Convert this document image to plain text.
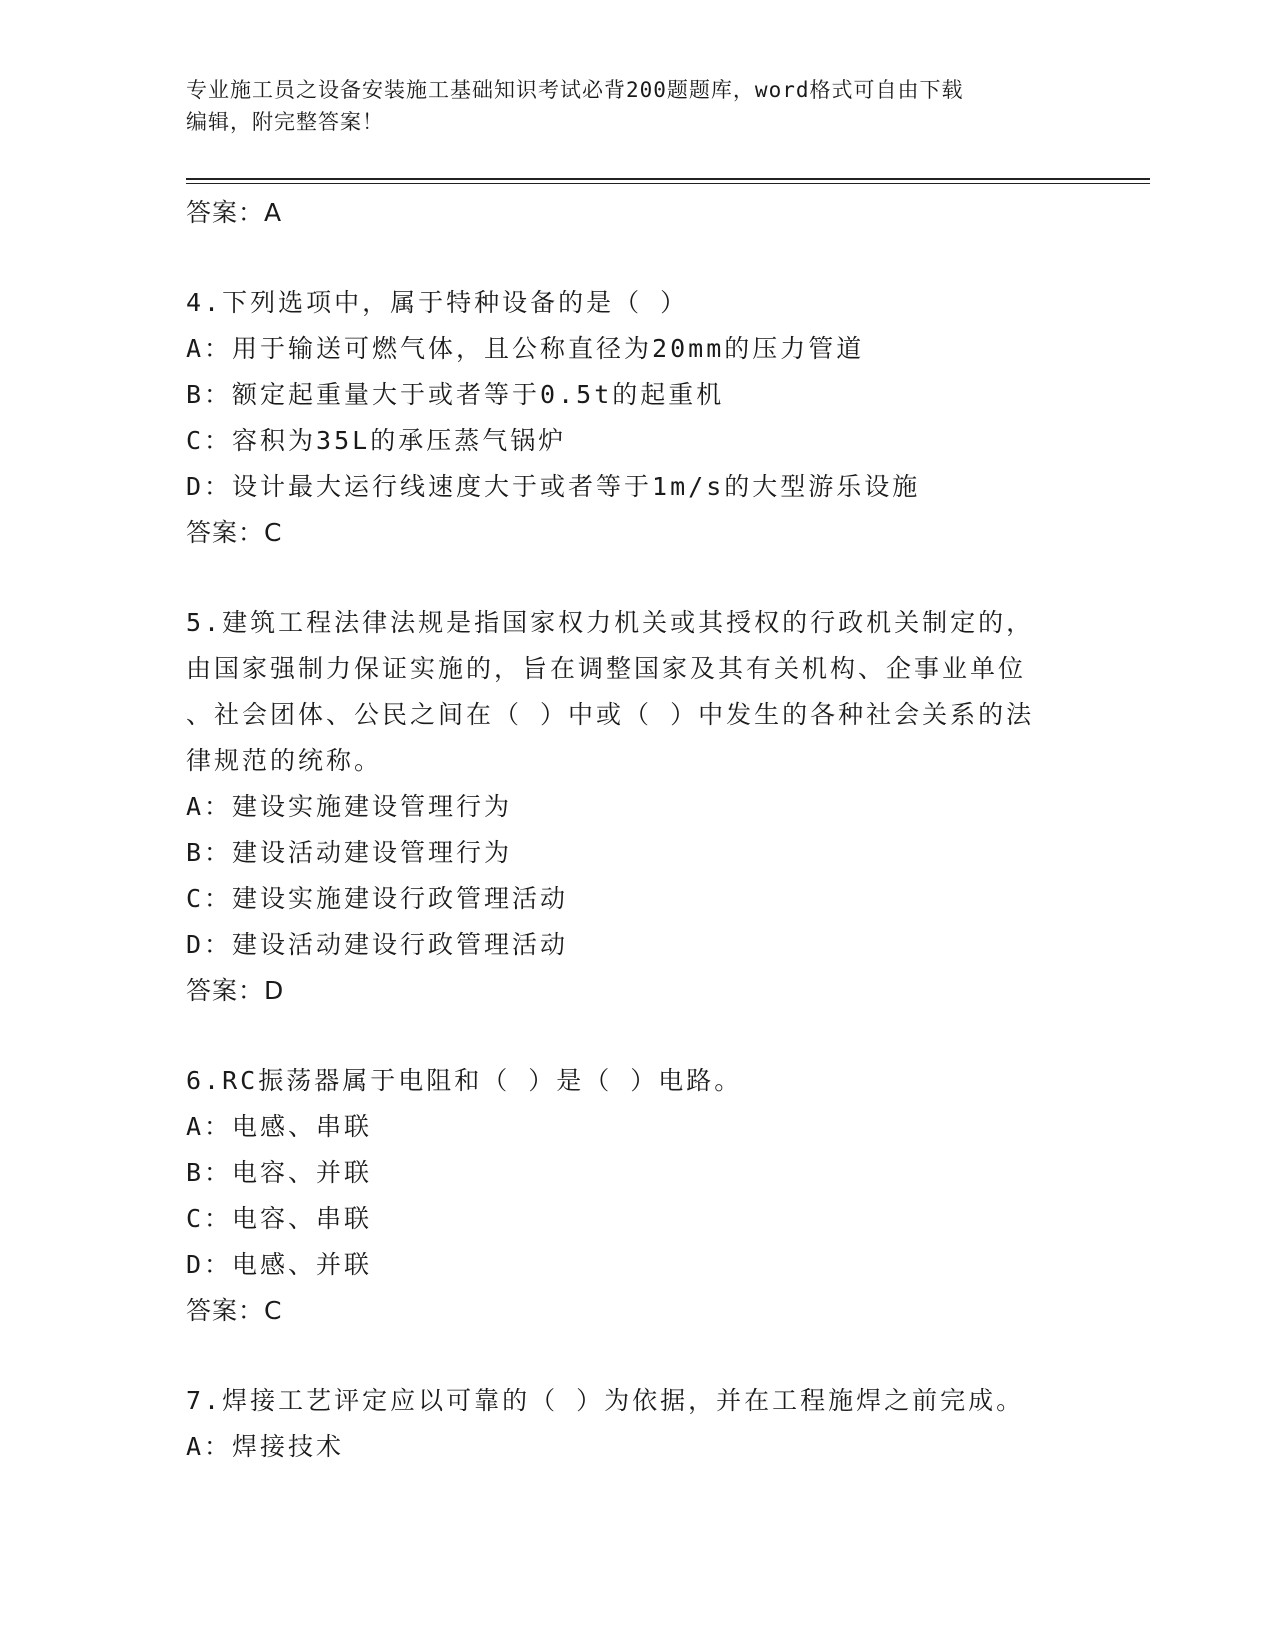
专业施工员之设备安装施工基础知识考试必背200题题库，word格式可自由下载
编辑，附完整答案！
答案：A
4.下列选项中，属于特种设备的是（ ）
A：用于输送可燃气体，且公称直径为20mm的压力管道
B：额定起重量大于或者等于0.5t的起重机
C：容积为35L的承压蒸气锅炉
D：设计最大运行线速度大于或者等于1m/s的大型游乐设施
答案：C
5.建筑工程法律法规是指国家权力机关或其授权的行政机关制定的，
由国家强制力保证实施的，旨在调整国家及其有关机构、企事业单位
、社会团体、公民之间在（ ）中或（ ）中发生的各种社会关系的法
律规范的统称。
A：建设实施建设管理行为
B：建设活动建设管理行为
C：建设实施建设行政管理活动
D：建设活动建设行政管理活动
答案：D
6.RC振荡器属于电阻和（ ）是（ ）电路。
A：电感、串联
B：电容、并联
C：电容、串联
D：电感、并联
答案：C
7.焊接工艺评定应以可靠的（ ）为依据，并在工程施焊之前完成。
A：焊接技术
